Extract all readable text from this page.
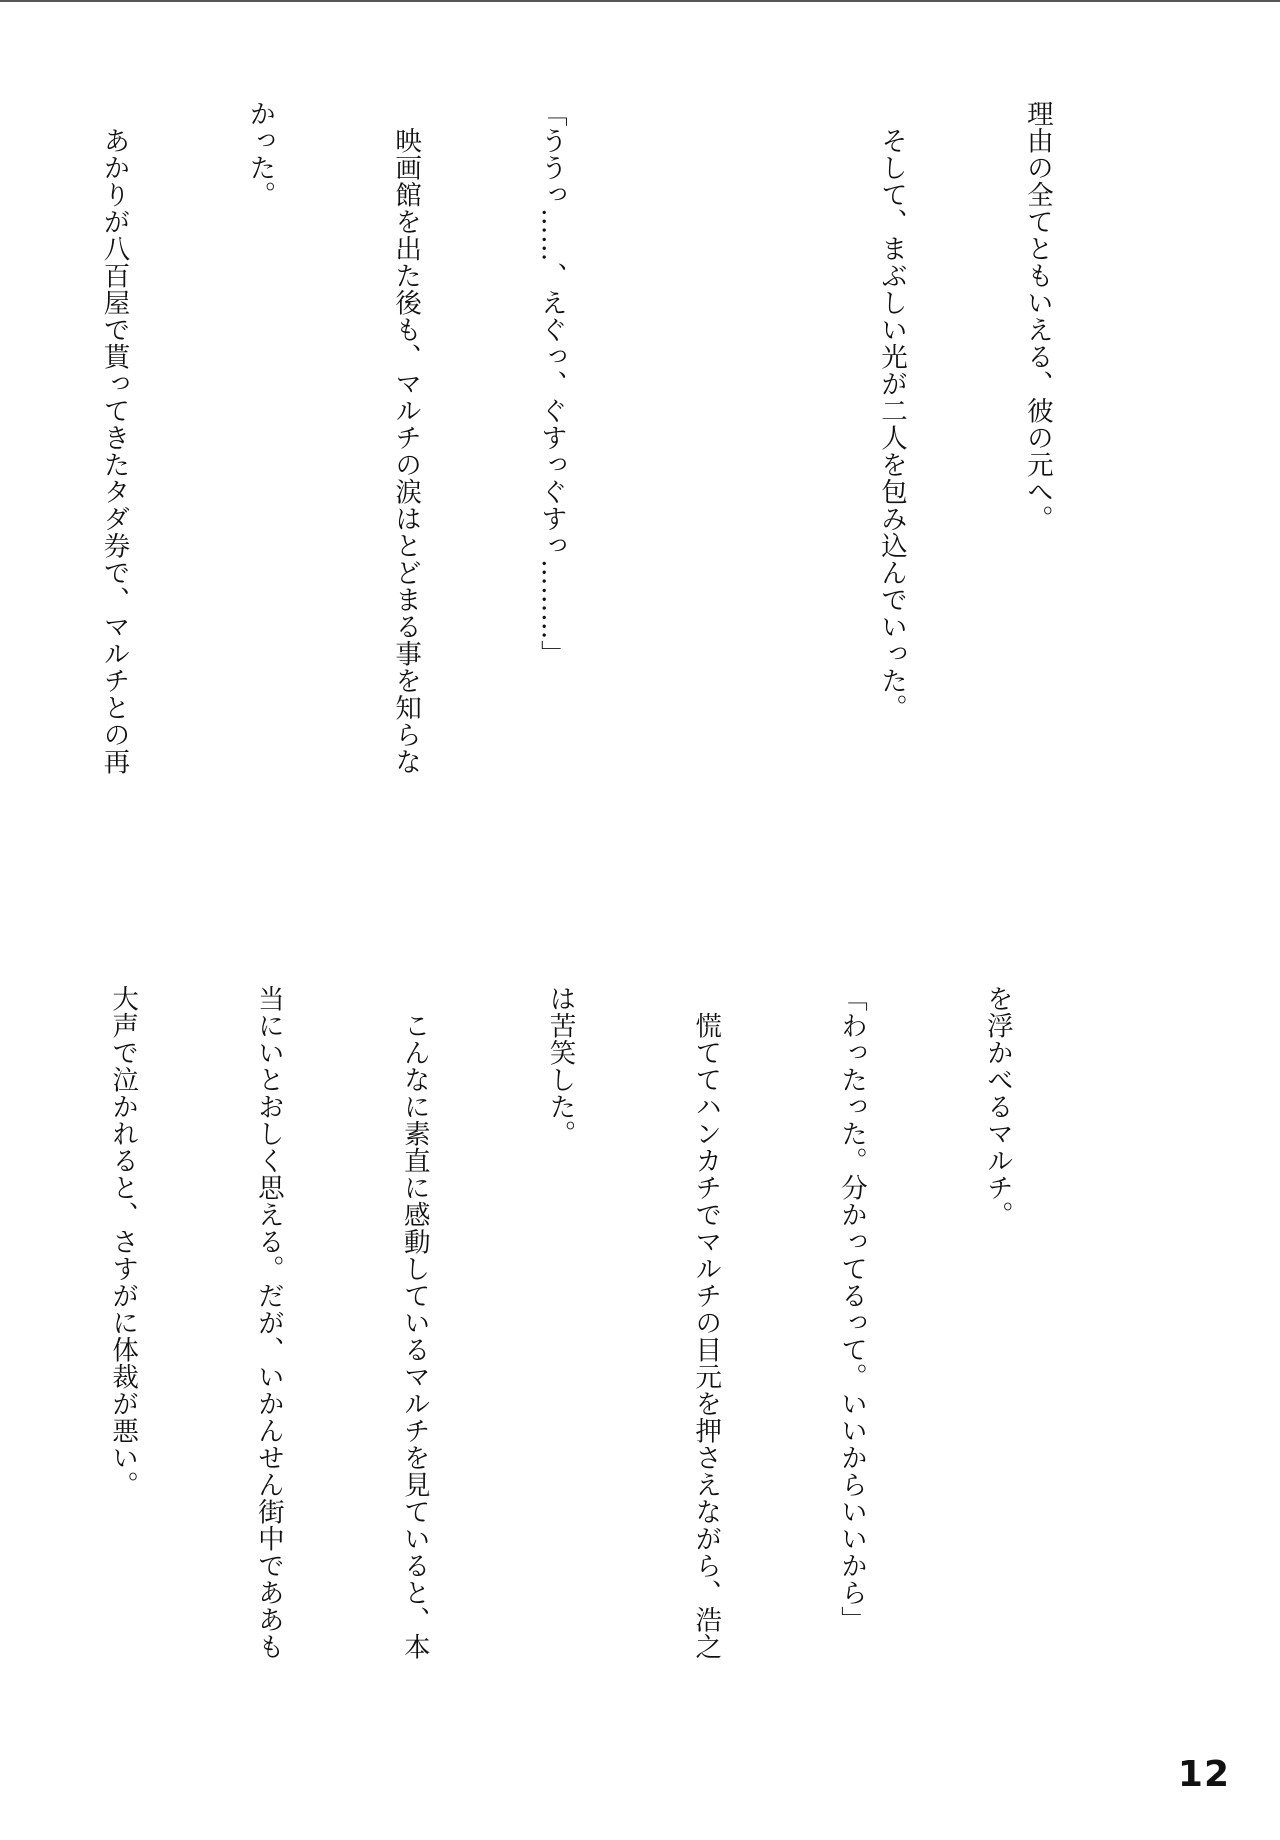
理由の全てともいえる、彼の元へ。

　そして、まぶしい光が二人を包み込んでいった。

「ううっ……、えぐっ、ぐすっぐすっ………」

　映画館を出た後も、マルチの涙はとどまる事を知らな

かった。

　あかりが八百屋で貰ってきたタダ券で、マルチとの再

を浮かべるマルチ。

「わったった。分かってるって。いいからいいから」

　慌ててハンカチでマルチの目元を押さえながら、浩之

は苦笑した。

　こんなに素直に感動しているマルチを見ていると、本

当にいとおしく思える。だが、いかんせん街中でああも

大声で泣かれると、さすがに体裁が悪い。

12
